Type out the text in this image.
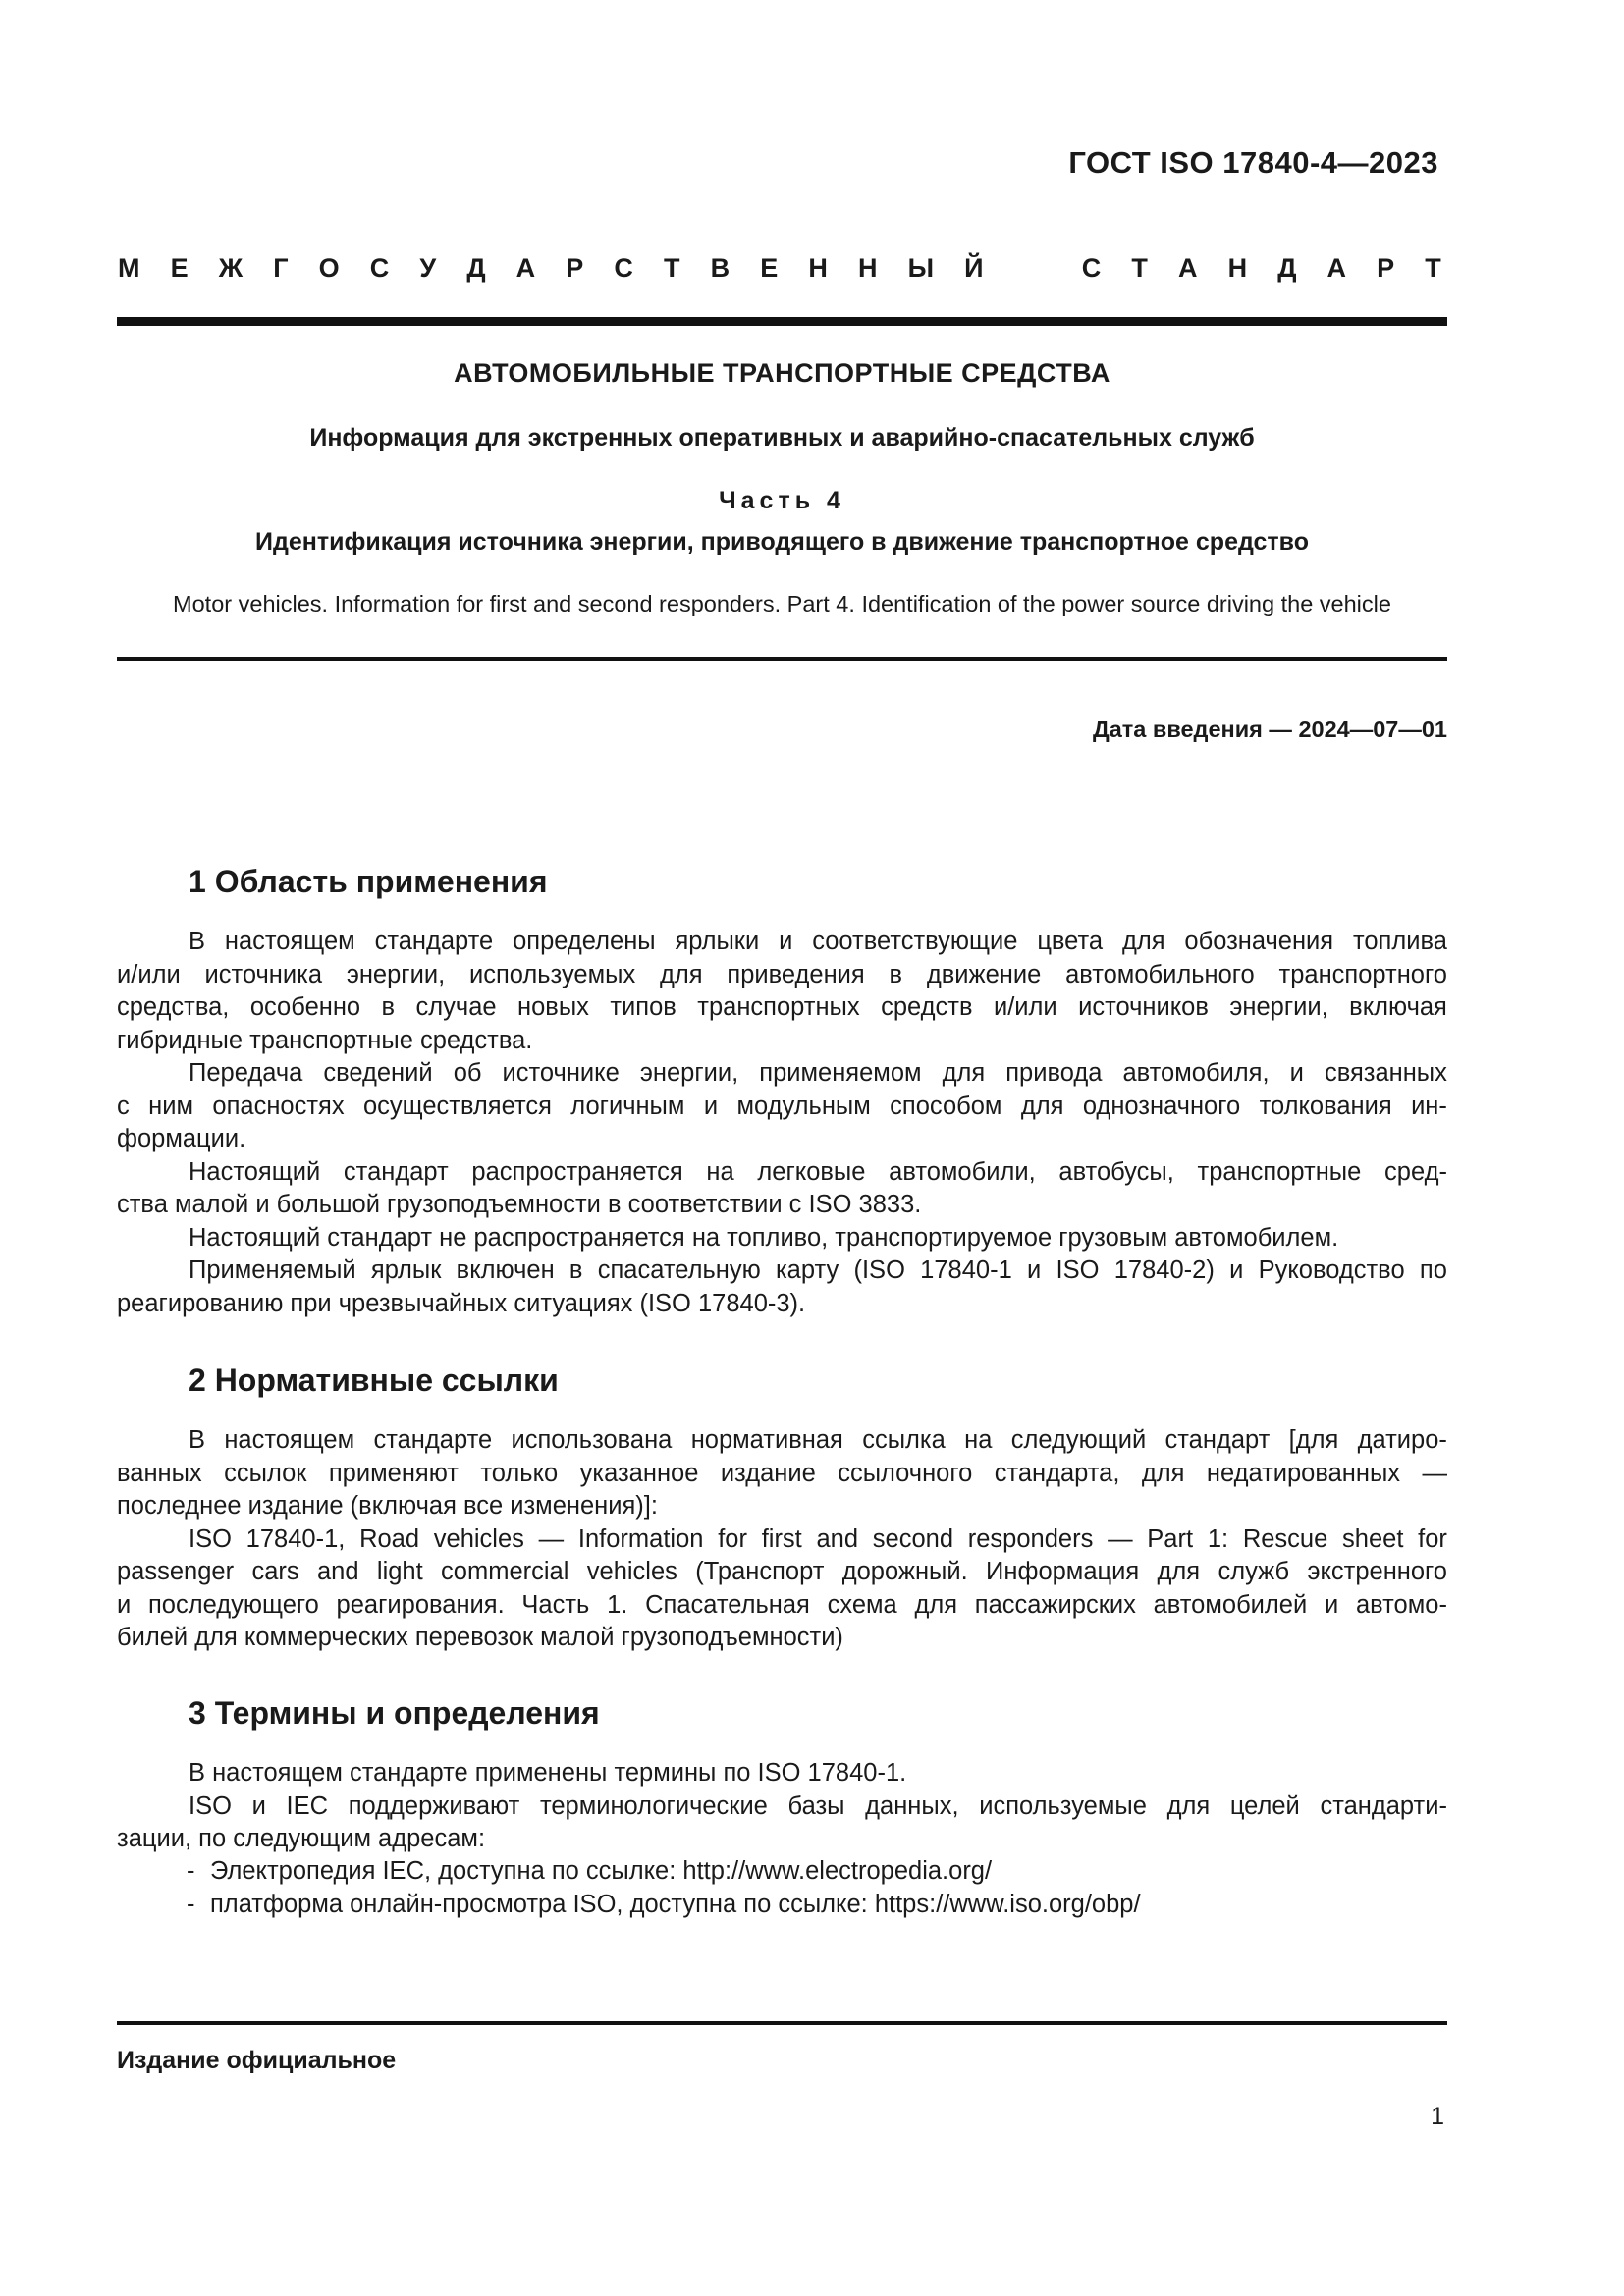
ГОСТ ISO 17840-4—2023
М Е Ж Г О С У Д А Р С Т В Е Н Н Ы Й	С Т А Н Д А Р Т
АВТОМОБИЛЬНЫЕ ТРАНСПОРТНЫЕ СРЕДСТВА
Информация для экстренных оперативных и аварийно-спасательных служб
Часть 4
Идентификация источника энергии, приводящего в движение транспортное средство
Motor vehicles. Information for first and second responders. Part 4. Identification of the power source driving the vehicle
Дата введения — 2024—07—01
1 Область применения
В настоящем стандарте определены ярлыки и соответствующие цвета для обозначения топлива
и/или источника энергии, используемых для приведения в движение автомобильного транспортного
средства, особенно в случае новых типов транспортных средств и/или источников энергии, включая
гибридные транспортные средства.
Передача сведений об источнике энергии, применяемом для привода автомобиля, и связанных
с ним опасностях осуществляется логичным и модульным способом для однозначного толкования ин-
формации.
Настоящий стандарт распространяется на легковые автомобили, автобусы, транспортные сред-
ства малой и большой грузоподъемности в соответствии с ISO 3833.
Настоящий стандарт не распространяется на топливо, транспортируемое грузовым автомобилем.
Применяемый ярлык включен в спасательную карту (ISO 17840-1 и ISO 17840-2) и Руководство по
реагированию при чрезвычайных ситуациях (ISO 17840-3).
2 Нормативные ссылки
В настоящем стандарте использована нормативная ссылка на следующий стандарт [для датиро-
ванных ссылок применяют только указанное издание ссылочного стандарта, для недатированных —
последнее издание (включая все изменения)]:
ISO 17840-1, Road vehicles — Information for first and second responders — Part 1: Rescue sheet for
passenger cars and light commercial vehicles (Транспорт дорожный. Информация для служб экстренного
и последующего реагирования. Часть 1. Спасательная схема для пассажирских автомобилей и автомо-
билей для коммерческих перевозок малой грузоподъемности)
3 Термины и определения
В настоящем стандарте применены термины по ISO 17840-1.
ISO и IEC поддерживают терминологические базы данных, используемые для целей стандарти-
зации, по следующим адресам:
- Электропедия IEC, доступна по ссылке: http://www.electropedia.org/
- платформа онлайн-просмотра ISO, доступна по ссылке: https://www.iso.org/obp/
Издание официальное
1
